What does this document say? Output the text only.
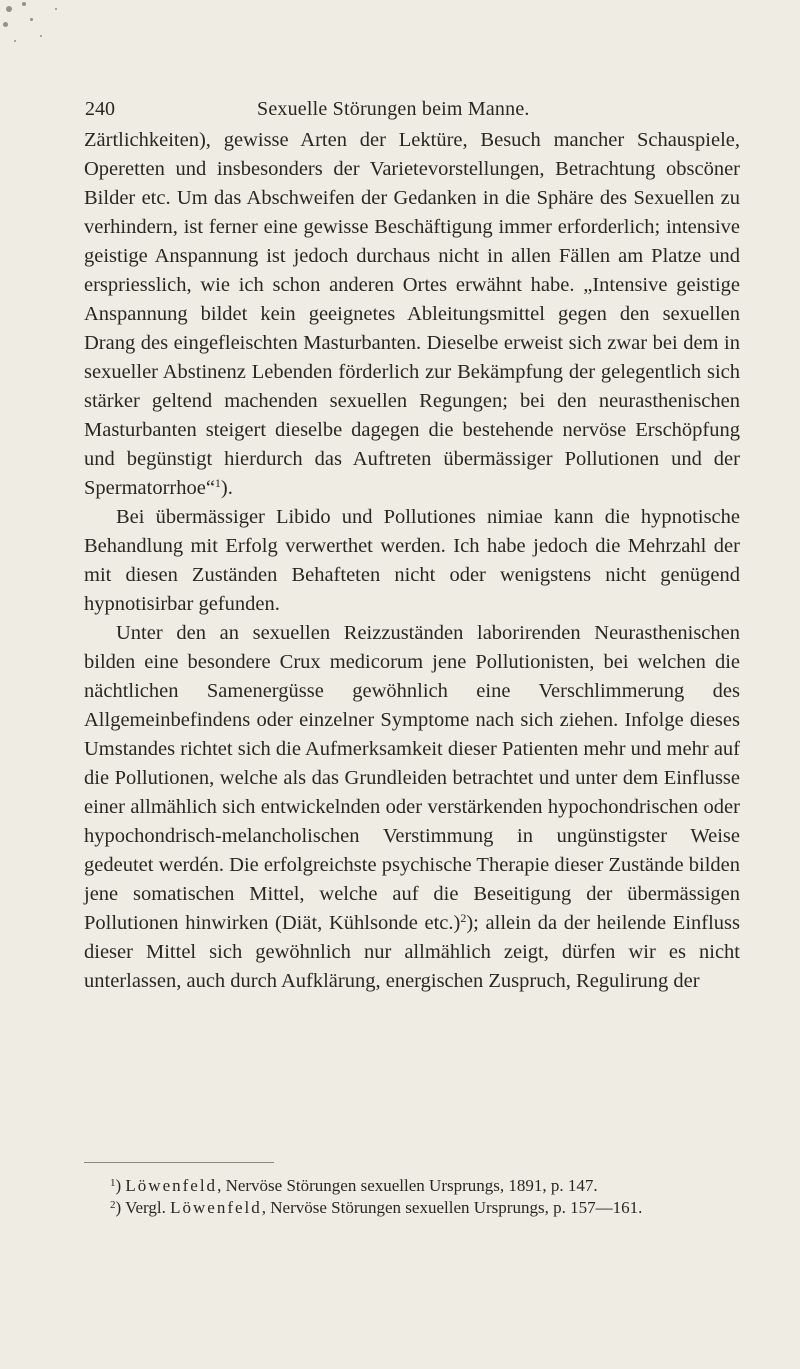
240	Sexuelle Störungen beim Manne.

Zärtlichkeiten), gewisse Arten der Lektüre, Besuch mancher Schauspiele, Operetten und insbesonders der Varietevorstellungen, Betrachtung obscöner Bilder etc. Um das Abschweifen der Gedanken in die Sphäre des Sexuellen zu verhindern, ist ferner eine gewisse Beschäftigung immer erforderlich; intensive geistige Anspannung ist jedoch durchaus nicht in allen Fällen am Platze und erspriesslich, wie ich schon anderen Ortes erwähnt habe. „Intensive geistige Anspannung bildet kein geeignetes Ableitungsmittel gegen den sexuellen Drang des eingefleischten Masturbanten. Dieselbe erweist sich zwar bei dem in sexueller Abstinenz Lebenden förderlich zur Bekämpfung der gelegentlich sich stärker geltend machenden sexuellen Regungen; bei den neurasthenischen Masturbanten steigert dieselbe dagegen die bestehende nervöse Erschöpfung und begünstigt hierdurch das Auftreten übermässiger Pollutionen und der Spermatorrhoe“$^1$).

Bei übermässiger Libido und Pollutiones nimiae kann die hypnotische Behandlung mit Erfolg verwerthet werden. Ich habe jedoch die Mehrzahl der mit diesen Zuständen Behafteten nicht oder wenigstens nicht genügend hypnotisirbar gefunden.

Unter den an sexuellen Reizzuständen laborirenden Neurasthenischen bilden eine besondere Crux medicorum jene Pollutionisten, bei welchen die nächtlichen Samenergüsse gewöhnlich eine Verschlimmerung des Allgemeinbefindens oder einzelner Symptome nach sich ziehen. Infolge dieses Umstandes richtet sich die Aufmerksamkeit dieser Patienten mehr und mehr auf die Pollutionen, welche als das Grundleiden betrachtet und unter dem Einflusse einer allmählich sich entwickelnden oder verstärkenden hypochondrischen oder hypochondrisch-melancholischen Verstimmung in ungünstigster Weise gedeutet werdén. Die erfolgreichste psychische Therapie dieser Zustände bilden jene somatischen Mittel, welche auf die Beseitigung der übermässigen Pollutionen hinwirken (Diät, Kühlsonde etc.)$^2$); allein da der heilende Einfluss dieser Mittel sich gewöhnlich nur allmählich zeigt, dürfen wir es nicht unterlassen, auch durch Aufklärung, energischen Zuspruch, Regulirung der

$^1$) Löwenfeld, Nervöse Störungen sexuellen Ursprungs, 1891, p. 147.
$^2$) Vergl. Löwenfeld, Nervöse Störungen sexuellen Ursprungs, p. 157—161.
